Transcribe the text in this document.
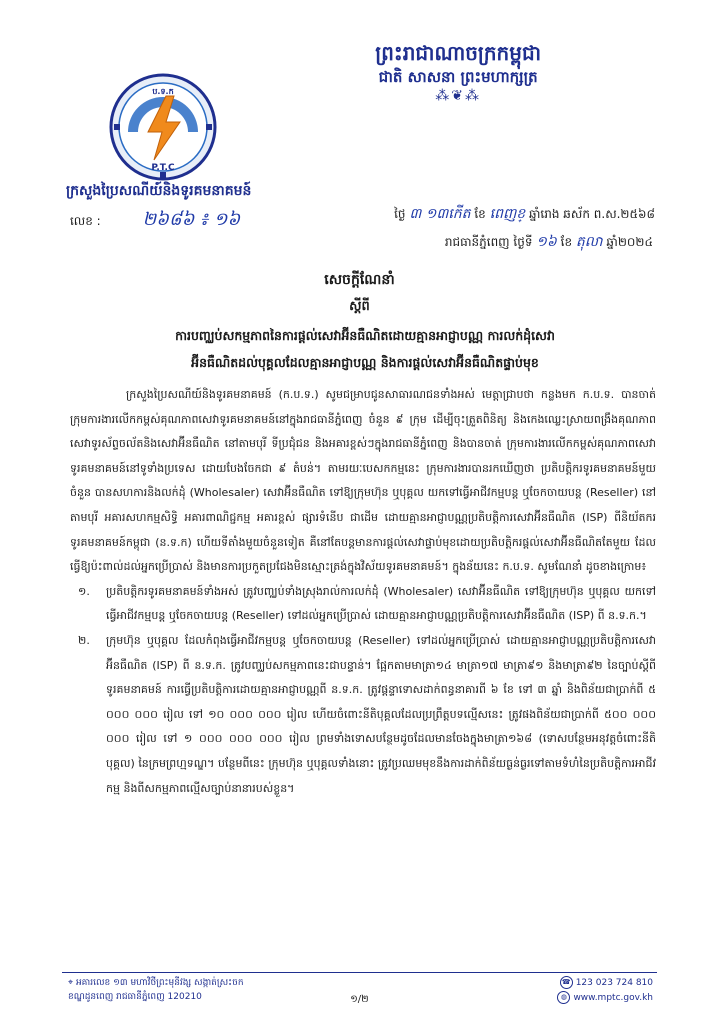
ព្រះរាជាណាចក្រកម្ពុជា
ជាតិ សាសនា ព្រះមហាក្សត្រ
⁂❦⁂
ប.ទ.ក
P.T.C
ក្រសួងប្រៃសណីយ៍និងទូរគមនាគមន៍
លេខ : ២៦៨៦ ៖ ១៦	ថ្ងៃ ៣ ១៣កើត ខែ ពេញខ្ ឆ្នាំរោង ឆស័ក ព.ស.២៥៦៨
រាជធានីភ្នំពេញ ថ្ងៃទី ១៦ ខែ តុលា ឆ្នាំ២០២៤
សេចក្តីណែនាំ
ស្តីពី
ការបញ្ឈប់សកម្មភាពនៃការផ្តល់សេវាអ៊ីនធឺណិតដោយគ្មានអាជ្ញាបណ្ណ ការលក់ដុំសេវា
អ៊ីនធឺណិតដល់បុគ្គលដែលគ្មានអាជ្ញាបណ្ណ និងការផ្តល់សេវាអ៊ីនធឺណិតផ្ទាប់មុខ

ក្រសួងប្រៃសណីយ៍និងទូរគមនាគមន៍ (ក.ប.ទ.) សូមជម្រាបជូនសាធារណជនទាំងអស់ មេត្តាជ្រាបថា កន្លងមក ក.ប.ទ. បានចាត់ ក្រុមការងារលើកកម្ពស់គុណភាពសេវាទូរគមនាគមន៍នៅក្នុងរាជធានីភ្នំពេញ ចំនួន ៩ ក្រុម ដើម្បីចុះត្រួតពិនិត្យ និងកេងឈ្លេះស្រាយពង្រឹងគុណភាពសេវាទូរស័ព្ទចល័តនិងសេវាអ៊ីនធឺណិត នៅតាមបុរី ទីប្រជុំជន និងអគារខ្ពស់ៗក្នុងរាជធានីភ្នំពេញ និងបានចាត់ ក្រុមការងារលើកកម្ពស់គុណភាពសេវាទូរគមនាគមន៍នៅទូទាំងប្រទេស ដោយបែងចែកជា ៩ តំបន់។ តាមរយៈបេសកកម្មនេះ ក្រុមការងារបានរកឃើញថា ប្រតិបត្តិករទូរគមនាគមន៍មួយចំនួន បានសហការនិងលក់ដុំ (Wholesaler) សេវាអ៊ីនធឺណិត ទៅឱ្យក្រុមហ៊ុន ឬបុគ្គល យកទៅធ្វើអាជីវកម្មបន្ត ឬចែកចាយបន្ត (Reseller) នៅតាមបុរី អគារសហកម្មសិទ្ធិ អគារពាណិជ្ជកម្ម អគារខ្ពស់ ផ្សារទំនើប ជាដើម ដោយគ្មានអាជ្ញាបណ្ណប្រតិបត្តិការសេវាអ៊ីនធឺណិត (ISP) ពីនិយ័តករទូរគមនាគមន៍កម្ពុជា (ន.ទ.ក) ហើយទីតាំងមួយចំនួនទៀត គឺនៅតែបន្តមានការផ្តល់សេវាផ្ទាប់មុខដោយប្រតិបត្តិករផ្តល់សេវាអ៊ីនធឺណិតតែមួយ ដែលធ្វើឱ្យប៉ះពាល់ដល់អ្នកប្រើប្រាស់ និងមានការប្រកួតប្រជែងមិនស្មោះត្រង់ក្នុងវិស័យទូរគមនាគមន៍។ ក្នុងន័យនេះ ក.ប.ទ. សូមណែនាំ ដូចខាងក្រោម៖

១. ប្រតិបត្តិករទូរគមនាគមន៍ទាំងអស់ ត្រូវបញ្ឈប់ទាំងស្រុងរាល់ការលក់ដុំ (Wholesaler) សេវាអ៊ីនធឺណិត ទៅឱ្យក្រុមហ៊ុន ឬបុគ្គល យកទៅធ្វើអាជីវកម្មបន្ត ឬចែកចាយបន្ត (Reseller) ទៅដល់អ្នកប្រើប្រាស់ ដោយគ្មានអាជ្ញាបណ្ណប្រតិបត្តិការសេវាអ៊ីនធឺណិត (ISP) ពី ន.ទ.ក.។
២. ក្រុមហ៊ុន ឬបុគ្គល ដែលកំពុងធ្វើអាជីវកម្មបន្ត ឬចែកចាយបន្ត (Reseller) ទៅដល់អ្នកប្រើប្រាស់ ដោយគ្មានអាជ្ញាបណ្ណប្រតិបត្តិការសេវាអ៊ីនធឺណិត (ISP) ពី ន.ទ.ក. ត្រូវបញ្ឈប់សកម្មភាពនេះជាបន្ទាន់។ ផ្អែកតាមមាត្រា១៤ មាត្រា១៧ មាត្រា៩១ និងមាត្រា៩២ នៃច្បាប់ស្តីពីទូរគមនាគមន៍ ការធ្វើប្រតិបត្តិការដោយគ្មានអាជ្ញាបណ្ណពី ន.ទ.ក. ត្រូវផ្តន្ទាទោសដាក់ពន្ធនាគារពី ៦ ខែ ទៅ ៣ ឆ្នាំ និងពិន័យជាប្រាក់ពី ៥ ០០០ ០០០ រៀល ទៅ ១០ ០០០ ០០០ រៀល ហើយចំពោះនីតិបុគ្គលដែលប្រព្រឹត្តបទល្មើសនេះ ត្រូវផងពិន័យជាប្រាក់ពី ៥០០ ០០០ ០០០ រៀល ទៅ ១ ០០០ ០០០ ០០០ រៀល ព្រមទាំងទោសបន្ថែមដូចដែលមានចែងក្នុងមាត្រា១៦៨ (ទោសបន្ថែមអនុវត្តចំពោះនីតិបុគ្គល) នៃក្រមព្រហ្មទណ្ឌ។ បន្ថែមពីនេះ ក្រុមហ៊ុន ឬបុគ្គលទាំងនោះ ត្រូវប្រឈមមុខនឹងការដាក់ពិន័យធ្ងន់ធ្ងរទៅតាមទំហំនៃប្រតិបត្តិការអាជីវកម្ម និងពីសកម្មភាពល្មើសច្បាប់នានារបស់ខ្លួន។
⌖ អគារលេខ ១៣ មហាវិថីព្រះមុនីវង្ស សង្កាត់ស្រះចក
ខណ្ឌដូនពេញ រាជធានីភ្នំពេញ 120210
☎ 123 023 724 810
◍ www.mptc.gov.kh
១/២
